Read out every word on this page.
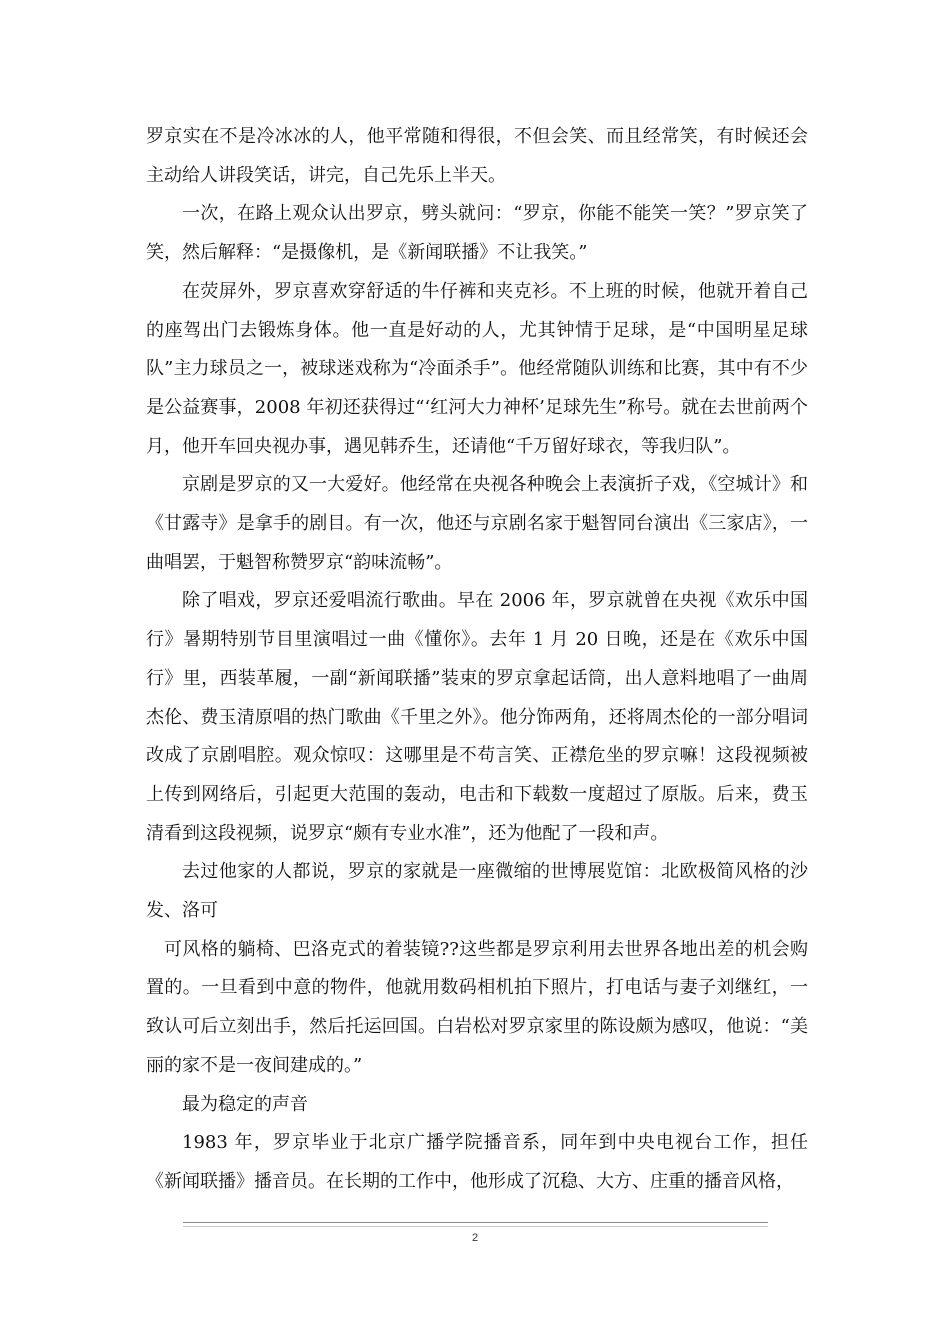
罗京实在不是冷冰冰的人，他平常随和得很，不但会笑、而且经常笑，有时候还会主动给人讲段笑话，讲完，自己先乐上半天。

一次，在路上观众认出罗京，劈头就问：“罗京，你能不能笑一笑？”罗京笑了笑，然后解释：“是摄像机，是《新闻联播》不让我笑。”

在荧屏外，罗京喜欢穿舒适的牛仔裤和夹克衫。不上班的时候，他就开着自己的座驾出门去锻炼身体。他一直是好动的人，尤其钟情于足球，是“中国明星足球队”主力球员之一，被球迷戏称为“冷面杀手”。他经常随队训练和比赛，其中有不少是公益赛事，2008 年初还获得过“‘红河大力神杯’足球先生”称号。就在去世前两个月，他开车回央视办事，遇见韩乔生，还请他“千万留好球衣，等我归队”。

京剧是罗京的又一大爱好。他经常在央视各种晚会上表演折子戏，《空城计》和《甘露寺》是拿手的剧目。有一次，他还与京剧名家于魁智同台演出《三家店》，一曲唱罢，于魁智称赞罗京“韵味流畅”。

除了唱戏，罗京还爱唱流行歌曲。早在 2006 年，罗京就曾在央视《欢乐中国行》暑期特别节目里演唱过一曲《懂你》。去年 1 月 20 日晚，还是在《欢乐中国行》里，西装革履，一副“新闻联播”装束的罗京拿起话筒，出人意料地唱了一曲周杰伦、费玉清原唱的热门歌曲《千里之外》。他分饰两角，还将周杰伦的一部分唱词改成了京剧唱腔。观众惊叹：这哪里是不苟言笑、正襟危坐的罗京嘛！这段视频被上传到网络后，引起更大范围的轰动，电击和下载数一度超过了原版。后来，费玉清看到这段视频，说罗京“颇有专业水准”，还为他配了一段和声。

去过他家的人都说，罗京的家就是一座微缩的世博展览馆：北欧极简风格的沙发、洛可

可风格的躺椅、巴洛克式的着装镜??这些都是罗京利用去世界各地出差的机会购置的。一旦看到中意的物件，他就用数码相机拍下照片，打电话与妻子刘继红，一致认可后立刻出手，然后托运回国。白岩松对罗京家里的陈设颇为感叹，他说：“美丽的家不是一夜间建成的。”

最为稳定的声音

1983 年，罗京毕业于北京广播学院播音系，同年到中央电视台工作，担任《新闻联播》播音员。在长期的工作中，他形成了沉稳、大方、庄重的播音风格，

2
